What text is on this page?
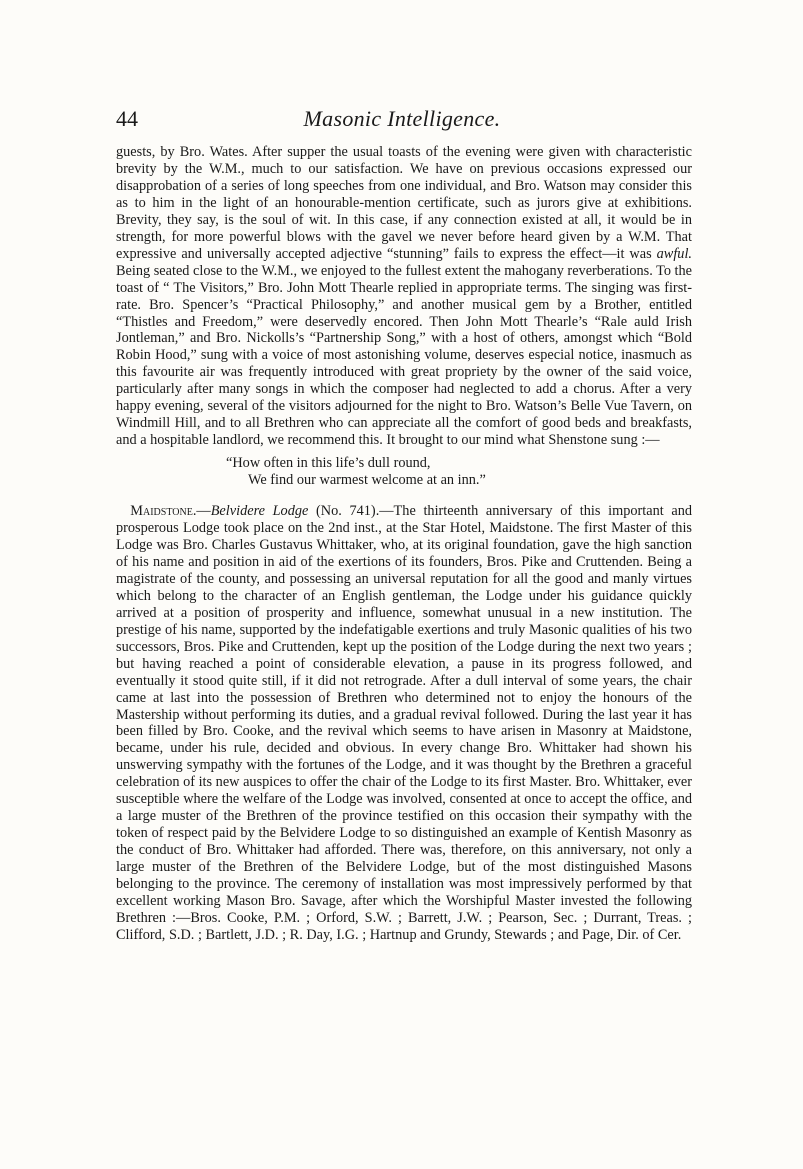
44	Masonic Intelligence.

guests, by Bro. Wates. After supper the usual toasts of the evening were given with characteristic brevity by the W.M., much to our satisfaction. We have on previous occasions expressed our disapprobation of a series of long speeches from one individual, and Bro. Watson may consider this as to him in the light of an honourable-mention certificate, such as jurors give at exhibitions. Brevity, they say, is the soul of wit. In this case, if any connection existed at all, it would be in strength, for more powerful blows with the gavel we never before heard given by a W.M. That expressive and universally accepted adjective “stunning” fails to express the effect—it was awful. Being seated close to the W.M., we enjoyed to the fullest extent the mahogany reverberations. To the toast of “ The Visitors,” Bro. John Mott Thearle replied in appropriate terms. The singing was first-rate. Bro. Spencer’s “Practical Philosophy,” and another musical gem by a Brother, entitled “Thistles and Freedom,” were deservedly encored. Then John Mott Thearle’s “Rale auld Irish Jontleman,” and Bro. Nickolls’s “Partnership Song,” with a host of others, amongst which “Bold Robin Hood,” sung with a voice of most astonishing volume, deserves especial notice, inasmuch as this favourite air was frequently introduced with great propriety by the owner of the said voice, particularly after many songs in which the composer had neglected to add a chorus. After a very happy evening, several of the visitors adjourned for the night to Bro. Watson’s Belle Vue Tavern, on Windmill Hill, and to all Brethren who can appreciate all the comfort of good beds and breakfasts, and a hospitable landlord, we recommend this. It brought to our mind what Shenstone sung :—

“How often in this life’s dull round,
We find our warmest welcome at an inn.”

 Maidstone.—Belvidere Lodge (No. 741).—The thirteenth anniversary of this important and prosperous Lodge took place on the 2nd inst., at the Star Hotel, Maidstone. The first Master of this Lodge was Bro. Charles Gustavus Whittaker, who, at its original foundation, gave the high sanction of his name and position in aid of the exertions of its founders, Bros. Pike and Cruttenden. Being a magistrate of the county, and possessing an universal reputation for all the good and manly virtues which belong to the character of an English gentleman, the Lodge under his guidance quickly arrived at a position of prosperity and influence, somewhat unusual in a new institution. The prestige of his name, supported by the indefatigable exertions and truly Masonic qualities of his two successors, Bros. Pike and Cruttenden, kept up the position of the Lodge during the next two years ; but having reached a point of considerable elevation, a pause in its progress followed, and eventually it stood quite still, if it did not retrograde. After a dull interval of some years, the chair came at last into the possession of Brethren who determined not to enjoy the honours of the Mastership without performing its duties, and a gradual revival followed. During the last year it has been filled by Bro. Cooke, and the revival which seems to have arisen in Masonry at Maidstone, became, under his rule, decided and obvious. In every change Bro. Whittaker had shown his unswerving sympathy with the fortunes of the Lodge, and it was thought by the Brethren a graceful celebration of its new auspices to offer the chair of the Lodge to its first Master. Bro. Whittaker, ever susceptible where the welfare of the Lodge was involved, consented at once to accept the office, and a large muster of the Brethren of the province testified on this occasion their sympathy with the token of respect paid by the Belvidere Lodge to so distinguished an example of Kentish Masonry as the conduct of Bro. Whittaker had afforded. There was, therefore, on this anniversary, not only a large muster of the Brethren of the Belvidere Lodge, but of the most distinguished Masons belonging to the province. The ceremony of installation was most impressively performed by that excellent working Mason Bro. Savage, after which the Worshipful Master invested the following Brethren :—Bros. Cooke, P.M. ; Orford, S.W. ; Barrett, J.W. ; Pearson, Sec. ; Durrant, Treas. ; Clifford, S.D. ; Bartlett, J.D. ; R. Day, I.G. ; Hartnup and Grundy, Stewards ; and Page, Dir. of Cer.
